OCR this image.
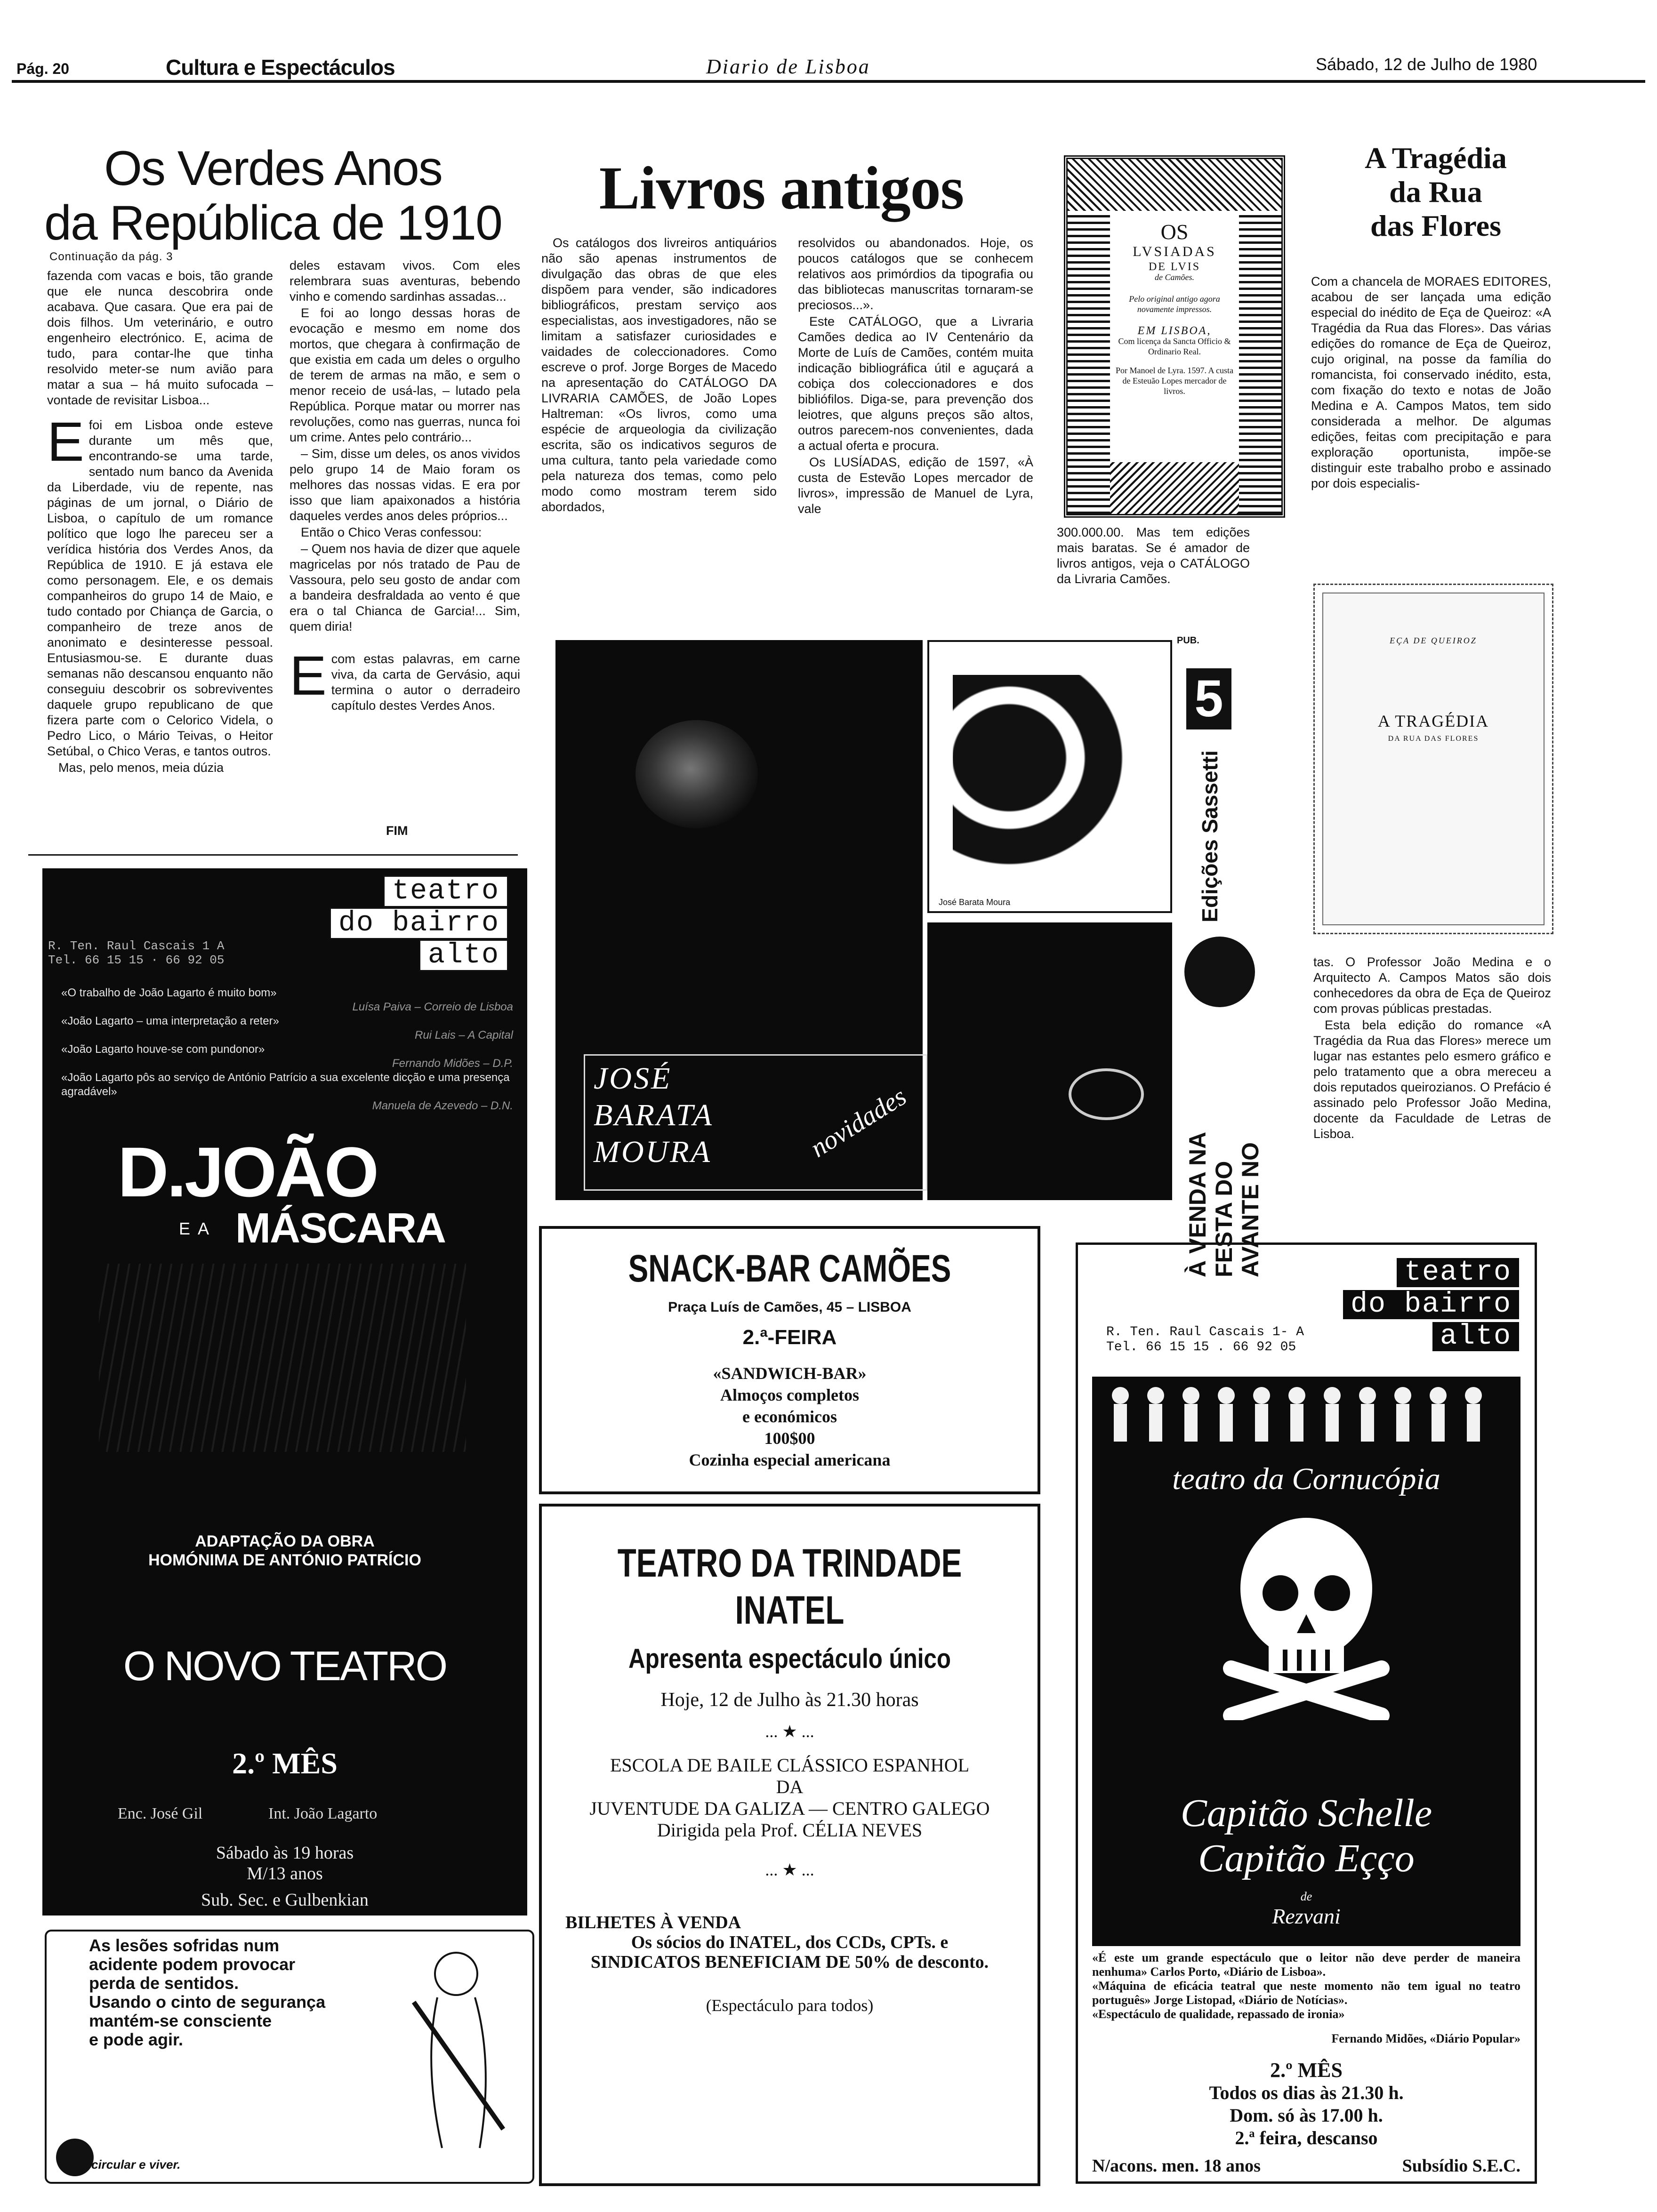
Pág. 20	Cultura e Espectáculos	Diario de Lisboa	Sábado, 12 de Julho de 1980
Os Verdes Anos
da República de 1910
Continuação da pág. 3

fazenda com vacas e bois, tão grande que ele nunca descobrira onde acabava. Que casara. Que era pai de dois filhos. Um veterinário, e outro engenheiro electrónico. E, acima de tudo, para contar-lhe que tinha resolvido meter-se num avião para matar a sua – há muito sufocada – vontade de revisitar Lisboa...

Efoi em Lisboa onde esteve durante um mês que, encontrando-se uma tarde, sentado num banco da Avenida da Liberdade, viu de repente, nas páginas de um jornal, o Diário de Lisboa, o capítulo de um romance político que logo lhe pareceu ser a verídica história dos Verdes Anos, da República de 1910. E já estava ele como personagem. Ele, e os demais companheiros do grupo 14 de Maio, e tudo contado por Chiança de Garcia, o companheiro de treze anos de anonimato e desinteresse pessoal. Entusiasmou-se. E durante duas semanas não descansou enquanto não conseguiu descobrir os sobreviventes daquele grupo republicano de que fizera parte com o Celorico Videla, o Pedro Lico, o Mário Teivas, o Heitor Setúbal, o Chico Veras, e tantos outros.

Mas, pelo menos, meia dúzia

deles estavam vivos. Com eles relembrara suas aventuras, bebendo vinho e comendo sardinhas assadas...

E foi ao longo dessas horas de evocação e mesmo em nome dos mortos, que chegara à confirmação de que existia em cada um deles o orgulho de terem de armas na mão, e sem o menor receio de usá-las, – lutado pela República. Porque matar ou morrer nas revoluções, como nas guerras, nunca foi um crime. Antes pelo contrário...

– Sim, disse um deles, os anos vividos pelo grupo 14 de Maio foram os melhores das nossas vidas. E era por isso que liam apaixonados a história daqueles verdes anos deles próprios...

Então o Chico Veras confessou:

– Quem nos havia de dizer que aquele magricelas por nós tratado de Pau de Vassoura, pelo seu gosto de andar com a bandeira desfraldada ao vento é que era o tal Chianca de Garcia!... Sim, quem diria!

Ecom estas palavras, em carne viva, da carta de Gervásio, aqui termina o autor o derradeiro capítulo destes Verdes Anos.

FIM
Livros antigos

Os catálogos dos livreiros antiquários não são apenas instrumentos de divulgação das obras de que eles dispõem para vender, são indicadores bibliográficos, prestam serviço aos especialistas, aos investigadores, não se limitam a satisfazer curiosidades e vaidades de coleccionadores. Como escreve o prof. Jorge Borges de Macedo na apresentação do CATÁLOGO DA LIVRARIA CAMÕES, de João Lopes Haltreman: «Os livros, como uma espécie de arqueologia da civilização escrita, são os indicativos seguros de uma cultura, tanto pela variedade como pela natureza dos temas, como pelo modo como mostram terem sido abordados,

resolvidos ou abandonados. Hoje, os poucos catálogos que se conhecem relativos aos primórdios da tipografia ou das bibliotecas manuscritas tornaram-se preciosos...».

Este CATÁLOGO, que a Livraria Camões dedica ao IV Centenário da Morte de Luís de Camões, contém muita indicação bibliográfica útil e aguçará a cobiça dos coleccionadores e dos bibliófilos. Diga-se, para prevenção dos leiotres, que alguns preços são altos, outros parecem-nos convenientes, dada a actual oferta e procura.

Os LUSÍADAS, edição de 1597, «À custa de Estevão Lopes mercador de livros», impressão de Manuel de Lyra, vale

OS
LVSIADAS
DE LVIS
de Camões.
Pelo original antigo agora novamente impressos.
EM LISBOA,
Com licença da Sancta Officio & Ordinario Real.
Por Manoel de Lyra. 1597. A custa de Esteuão Lopes mercador de livros.

300.000.00. Mas tem edições mais baratas. Se é amador de livros antigos, veja o CATÁLOGO da Livraria Camões.

A Tragédia
da Rua
das Flores

Com a chancela de MORAES EDITORES, acabou de ser lançada uma edição especial do inédito de Eça de Queiroz: «A Tragédia da Rua das Flores». Das várias edições do romance de Eça de Queiroz, cujo original, na posse da família do romancista, foi conservado inédito, esta, com fixação do texto e notas de João Medina e A. Campos Matos, tem sido considerada a melhor. De algumas edições, feitas com precipitação e para exploração oportunista, impõe-se distinguir este trabalho probo e assinado por dois especialis-

EÇA DE QUEIROZ
A TRAGÉDIA
DA RUA DAS FLORES

tas. O Professor João Medina e o Arquitecto A. Campos Matos são dois conhecedores da obra de Eça de Queiroz com provas públicas prestadas.

Esta bela edição do romance «A Tragédia da Rua das Flores» merece um lugar nas estantes pelo esmero gráfico e pelo tratamento que a obra mereceu a dois reputados queirozianos. O Prefácio é assinado pelo Professor João Medina, docente da Faculdade de Letras de Lisboa.

teatro
do bairro
alto
R. Ten. Raul Cascais 1 A
Tel. 66 15 15 · 66 92 05
«O trabalho de João Lagarto é muito bom»
Luísa Paiva – Correio de Lisboa
«João Lagarto – uma interpretação a reter»
Rui Lais – A Capital
«João Lagarto houve-se com pundonor»
Fernando Midões – D.P.
«João Lagarto pôs ao serviço de António Patrício a sua excelente dicção e uma presença agradável»
Manuela de Azevedo – D.N.
D.JOÃO
E A MÁSCARA
ADAPTAÇÃO DA OBRA
HOMÓNIMA DE ANTÓNIO PATRÍCIO
O NOVO TEATRO
2.º MÊS
Enc. José Gil	Int. João Lagarto
Sábado às 19 horas
M/13 anos
Sub. Sec. e Gulbenkian
As lesões sofridas num
acidente podem provocar
perda de sentidos.
Usando o cinto de segurança
mantém-se consciente
e pode agir.
circular e viver.
JOSÉ
BARATA
MOURA	novidades
José Barata Moura
PUB.
5
Edições Sassetti
À VENDA NA FESTA DO AVANTE NO
SNACK-BAR CAMÕES
Praça Luís de Camões, 45 – LISBOA
2.ª-FEIRA
«SANDWICH-BAR»
Almoços completos
e económicos
100$00
Cozinha especial americana
TEATRO DA TRINDADE
INATEL
Apresenta espectáculo único
Hoje, 12 de Julho às 21.30 horas
... ★ ...
ESCOLA DE BAILE CLÁSSICO ESPANHOL
DA
JUVENTUDE DA GALIZA — CENTRO GALEGO
Dirigida pela Prof. CÉLIA NEVES
... ★ ...
BILHETES À VENDA
Os sócios do INATEL, dos CCDs, CPTs. e
SINDICATOS BENEFICIAM DE 50% de desconto.
(Espectáculo para todos)
teatro
do bairro
alto
R. Ten. Raul Cascais 1- A
Tel. 66 15 15 . 66 92 05
teatro da Cornucópia
Capitão Schelle
Capitão Eçço
de
Rezvani
«É este um grande espectáculo que o leitor não deve perder de maneira nenhuma» Carlos Porto, «Diário de Lisboa».
«Máquina de eficácia teatral que neste momento não tem igual no teatro português» Jorge Listopad, «Diário de Notícias».
«Espectáculo de qualidade, repassado de ironia»
Fernando Midões, «Diário Popular»
2.º MÊS
Todos os dias às 21.30 h.
Dom. só às 17.00 h.
2.ª feira, descanso
N/acons. men. 18 anos	Subsídio S.E.C.
